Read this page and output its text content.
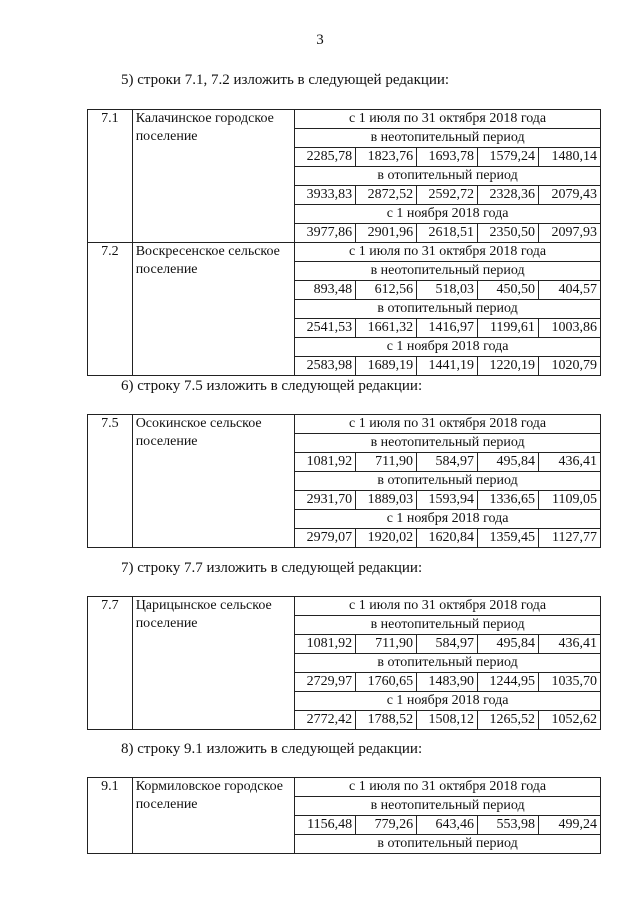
3
5) строки 7.1, 7.2 изложить в следующей редакции:
7.1	Калачинское городское поселение	с 1 июля по 31 октября 2018 года				
		в неотопительный период				
		2285,78	1823,76	1693,78	1579,24	1480,14
		в отопительный период				
		3933,83	2872,52	2592,72	2328,36	2079,43
		с 1 ноября 2018 года				
		3977,86	2901,96	2618,51	2350,50	2097,93
7.2	Воскресенское сельское поселение	с 1 июля по 31 октября 2018 года				
		в неотопительный период				
		893,48	612,56	518,03	450,50	404,57
		в отопительный период				
		2541,53	1661,32	1416,97	1199,61	1003,86
		с 1 ноября 2018 года				
		2583,98	1689,19	1441,19	1220,19	1020,79
6) строку 7.5 изложить в следующей редакции:
7.5	Осокинское сельское поселение	с 1 июля по 31 октября 2018 года				
		в неотопительный период				
		1081,92	711,90	584,97	495,84	436,41
		в отопительный период				
		2931,70	1889,03	1593,94	1336,65	1109,05
		с 1 ноября 2018 года				
		2979,07	1920,02	1620,84	1359,45	1127,77
7) строку 7.7 изложить в следующей редакции:
7.7	Царицынское сельское поселение	с 1 июля по 31 октября 2018 года				
		в неотопительный период				
		1081,92	711,90	584,97	495,84	436,41
		в отопительный период				
		2729,97	1760,65	1483,90	1244,95	1035,70
		с 1 ноября 2018 года				
		2772,42	1788,52	1508,12	1265,52	1052,62
8) строку 9.1 изложить в следующей редакции:
9.1	Кормиловское городское поселение	с 1 июля по 31 октября 2018 года				
		в неотопительный период				
		1156,48	779,26	643,46	553,98	499,24
		в отопительный период				
